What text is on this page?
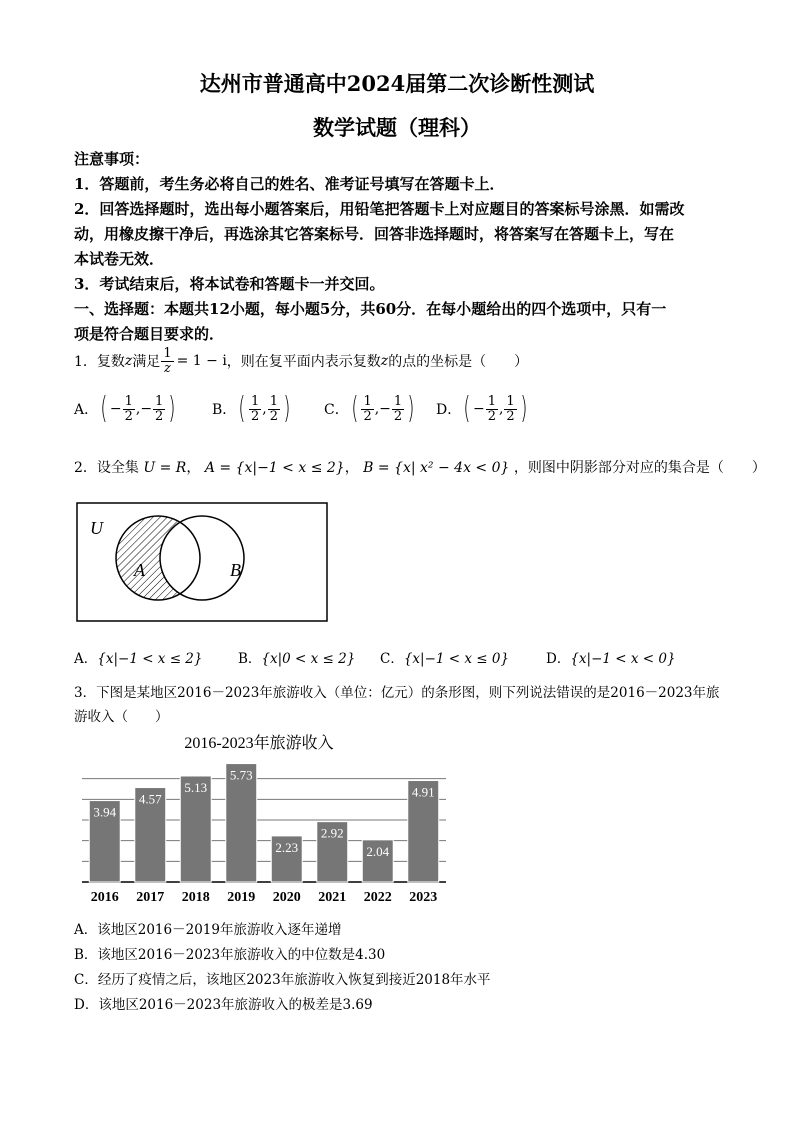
达州市普通高中2024届第二次诊断性测试
数学试题（理科）
注意事项：
1．答题前，考生务必将自己的姓名、准考证号填写在答题卡上．
2．回答选择题时，选出每小题答案后，用铅笔把答题卡上对应题目的答案标号涂黑．如需改
动，用橡皮擦干净后，再选涂其它答案标号．回答非选择题时，将答案写在答题卡上，写在
本试卷无效．
3．考试结束后，将本试卷和答题卡一并交回。
一、选择题：本题共12小题，每小题5分，共60分．在每小题给出的四个选项中，只有一
项是符合题目要求的．
1．复数 z 满足 $\frac{1}{z} = 1 - i$ ，则在复平面内表示复数 z 的点的坐标是（　　）
A． ( − $\frac{1}{2}$ , − $\frac{1}{2}$ )	B． ( $\frac{1}{2}$ , $\frac{1}{2}$ ) C． ( $\frac{1}{2}$ , − $\frac{1}{2}$ ) D． ( − $\frac{1}{2}$ , $\frac{1}{2}$ )
2．设全集 U = R， A = {x|−1 < x ≤ 2}， B = {x| x² − 4x < 0} ，则图中阴影部分对应的集合是（　　）
U
A	B
A．{x|−1 < x ≤ 2}	B．{x|0 < x ≤ 2} C．{x|−1 < x ≤ 0}	D．{x|−1 < x < 0}
3．下图是某地区2016－2023年旅游收入（单位：亿元）的条形图，则下列说法错误的是2016－2023年旅
游收入（　　）
2016-2023年旅游收入
3.94
4.57
5.13
5.73
2.23
2.92
2.04
4.91
2016 2017 2018 2019 2020 2021 2022 2023
A．该地区2016－2019年旅游收入逐年递增
B．该地区2016－2023年旅游收入的中位数是4.30
C．经历了疫情之后，该地区2023年旅游收入恢复到接近2018年水平
D．该地区2016－2023年旅游收入的极差是3.69
